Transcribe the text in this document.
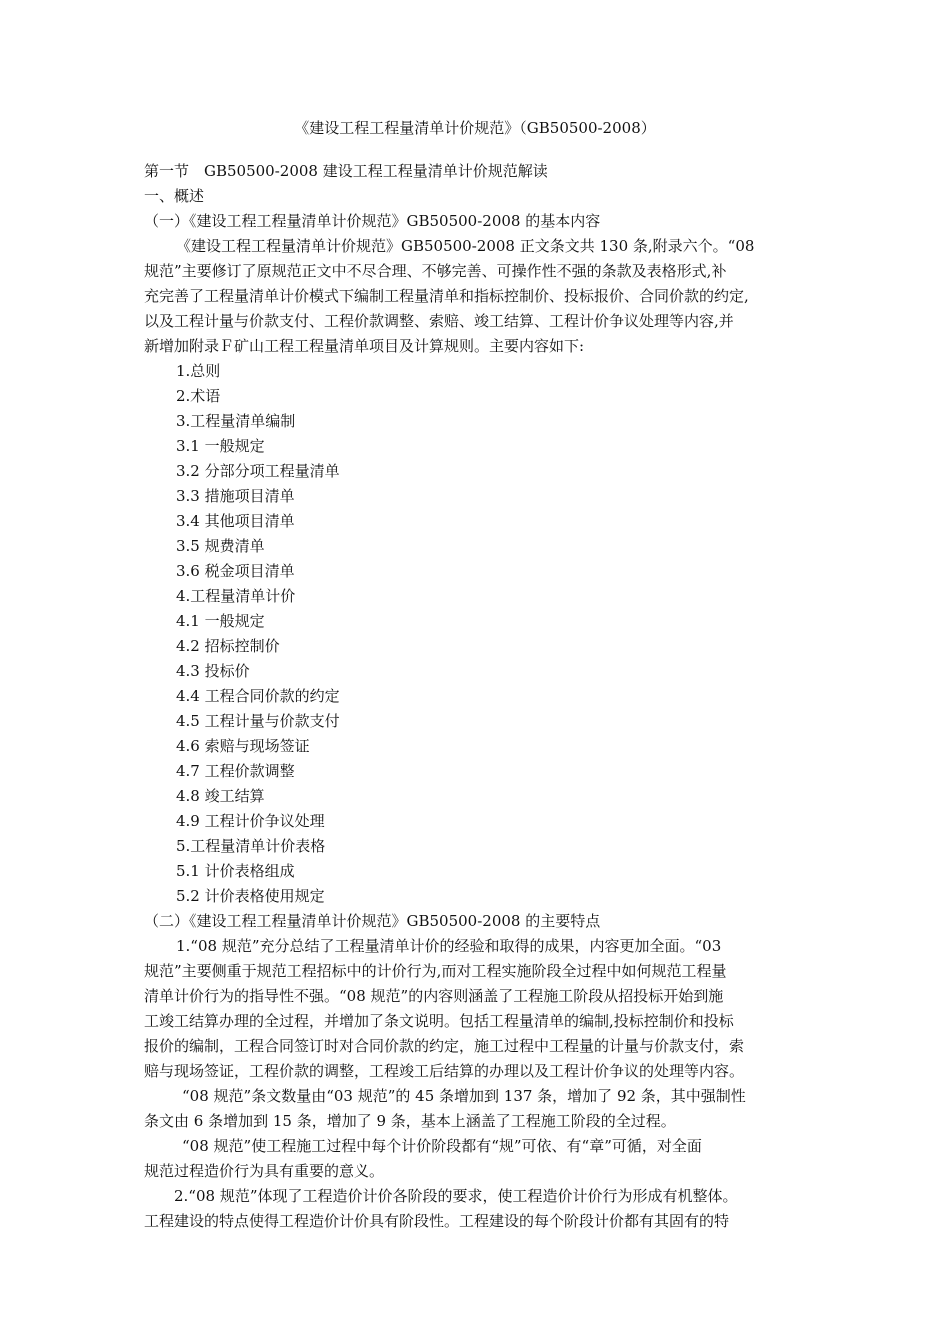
《建设工程工程量清单计价规范》（GB50500-2008）
第一节　GB50500-2008 建设工程工程量清单计价规范解读
一、概述
（一）《建设工程工程量清单计价规范》GB50500-2008 的基本内容
《建设工程工程量清单计价规范》GB50500-2008 正文条文共 130 条,附录六个。“08
规范”主要修订了原规范正文中不尽合理、不够完善、可操作性不强的条款及表格形式,补
充完善了工程量清单计价模式下编制工程量清单和指标控制价、投标报价、合同价款的约定,
以及工程计量与价款支付、工程价款调整、索赔、竣工结算、工程计价争议处理等内容,并
新增加附录Ｆ矿山工程工程量清单项目及计算规则。主要内容如下:
1.总则
2.术语
3.工程量清单编制
3.1 一般规定
3.2 分部分项工程量清单
3.3 措施项目清单
3.4 其他项目清单
3.5 规费清单
3.6 税金项目清单
4.工程量清单计价
4.1 一般规定
4.2 招标控制价
4.3 投标价
4.4 工程合同价款的约定
4.5 工程计量与价款支付
4.6 索赔与现场签证
4.7 工程价款调整
4.8 竣工结算
4.9 工程计价争议处理
5.工程量清单计价表格
5.1 计价表格组成
5.2 计价表格使用规定
（二）《建设工程工程量清单计价规范》GB50500-2008 的主要特点
1.“08 规范”充分总结了工程量清单计价的经验和取得的成果，内容更加全面。“03
规范”主要侧重于规范工程招标中的计价行为,而对工程实施阶段全过程中如何规范工程量
清单计价行为的指导性不强。“08 规范”的内容则涵盖了工程施工阶段从招投标开始到施
工竣工结算办理的全过程，并增加了条文说明。包括工程量清单的编制,投标控制价和投标
报价的编制，工程合同签订时对合同价款的约定，施工过程中工程量的计量与价款支付，索
赔与现场签证，工程价款的调整，工程竣工后结算的办理以及工程计价争议的处理等内容。
“08 规范”条文数量由“03 规范”的 45 条增加到 137 条，增加了 92 条，其中强制性
条文由 6 条增加到 15 条，增加了 9 条，基本上涵盖了工程施工阶段的全过程。
“08 规范”使工程施工过程中每个计价阶段都有“规”可依、有“章”可循，对全面
规范过程造价行为具有重要的意义。
2.“08 规范”体现了工程造价计价各阶段的要求，使工程造价计价行为形成有机整体。
工程建设的特点使得工程造价计价具有阶段性。工程建设的每个阶段计价都有其固有的特
